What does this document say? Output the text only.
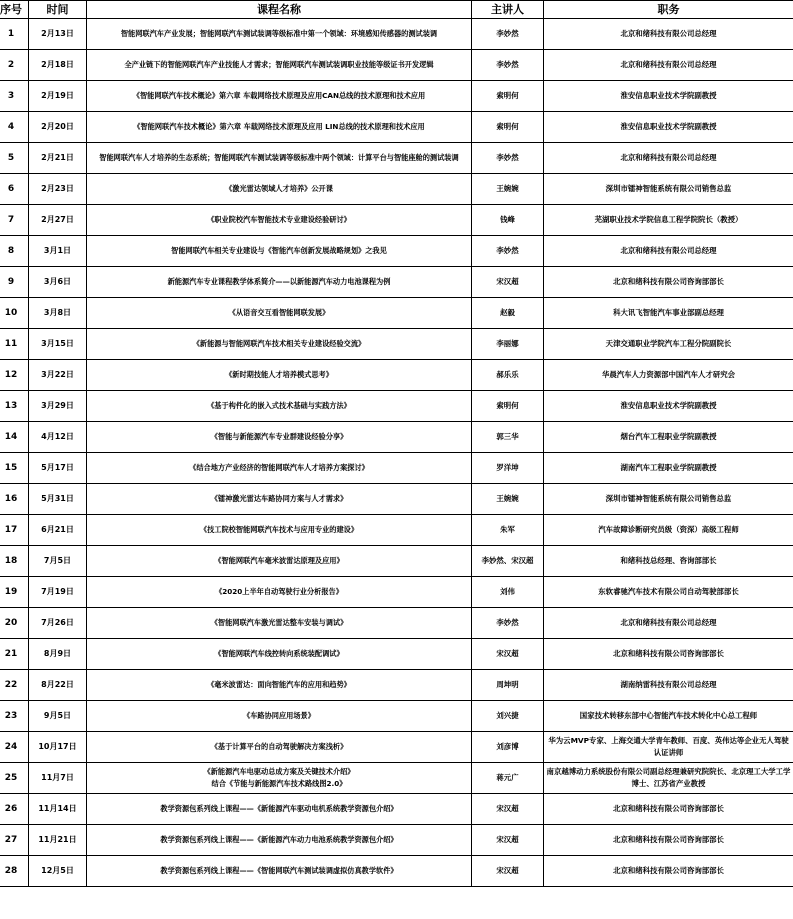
序号	时间	课程名称	主讲人	职务
1	2月13日	智能网联汽车产业发展；智能网联汽车测试装调等级标准中第一个领域：环境感知传感器的测试装调	李妙然	北京和绪科技有限公司总经理
2	2月18日	全产业链下的智能网联汽车产业技能人才需求；智能网联汽车测试装调职业技能等级证书开发逻辑	李妙然	北京和绪科技有限公司总经理
3	2月19日	《智能网联汽车技术概论》第六章 车载网络技术原理及应用CAN总线的技术原理和技术应用	索明何	淮安信息职业技术学院副教授
4	2月20日	《智能网联汽车技术概论》第六章 车载网络技术原理及应用 LIN总线的技术原理和技术应用	索明何	淮安信息职业技术学院副教授
5	2月21日	智能网联汽车人才培养的生态系统；智能网联汽车测试装调等级标准中两个领域：计算平台与智能座舱的测试装调	李妙然	北京和绪科技有限公司总经理
6	2月23日	《激光雷达领域人才培养》公开课	王婉婉	深圳市镭神智能系统有限公司销售总监
7	2月27日	《职业院校汽车智能技术专业建设经验研讨》	钱峰	芜湖职业技术学院信息工程学院院长（教授）
8	3月1日	智能网联汽车相关专业建设与《智能汽车创新发展战略规划》之我见	李妙然	北京和绪科技有限公司总经理
9	3月6日	新能源汽车专业课程教学体系简介——以新能源汽车动力电池课程为例	宋汉超	北京和绪科技有限公司咨询部部长
10	3月8日	《从语音交互看智能网联发展》	赵毅	科大讯飞智能汽车事业部副总经理
11	3月15日	《新能源与智能网联汽车技术相关专业建设经验交流》	李丽娜	天津交通职业学院汽车工程分院副院长
12	3月22日	《新时期技能人才培养模式思考》	郝乐乐	华晨汽车人力资源部中国汽车人才研究会
13	3月29日	《基于构件化的嵌入式技术基础与实践方法》	索明何	淮安信息职业技术学院副教授
14	4月12日	《智能与新能源汽车专业群建设经验分享》	郭三华	烟台汽车工程职业学院副教授
15	5月17日	《结合地方产业经济的智能网联汽车人才培养方案探讨》	罗洋坤	湖南汽车工程职业学院副教授
16	5月31日	《镭神激光雷达车路协同方案与人才需求》	王婉婉	深圳市镭神智能系统有限公司销售总监
17	6月21日	《技工院校智能网联汽车技术与应用专业的建设》	朱军	汽车故障诊断研究员级（资深）高级工程师
18	7月5日	《智能网联汽车毫米波雷达原理及应用》	李妙然、宋汉超	和绪科技总经理、咨询部部长
19	7月19日	《2020上半年自动驾驶行业分析报告》	刘伟	东软睿驰汽车技术有限公司自动驾驶部部长
20	7月26日	《智能网联汽车激光雷达整车安装与调试》	李妙然	北京和绪科技有限公司总经理
21	8月9日	《智能网联汽车线控转向系统装配调试》	宋汉超	北京和绪科技有限公司咨询部部长
22	8月22日	《毫米波雷达：面向智能汽车的应用和趋势》	周坤明	湖南纳雷科技有限公司总经理
23	9月5日	《车路协同应用场景》	刘兴捷	国家技术转移东部中心智能汽车技术转化中心总工程师
24	10月17日	《基于计算平台的自动驾驶解决方案浅析》	刘彦博	华为云MVP专家、上海交通大学青年教师、百度、英伟达等企业无人驾驶认证讲师
25	11月7日	《新能源汽车电驱动总成方案及关键技术介绍》
结合《节能与新能源汽车技术路线图2.0》	蒋元广	南京越博动力系统股份有限公司副总经理兼研究院院长、北京理工大学工学博士、江苏省产业教授
26	11月14日	教学资源包系列线上课程——《新能源汽车驱动电机系统教学资源包介绍》	宋汉超	北京和绪科技有限公司咨询部部长
27	11月21日	教学资源包系列线上课程——《新能源汽车动力电池系统教学资源包介绍》	宋汉超	北京和绪科技有限公司咨询部部长
28	12月5日	教学资源包系列线上课程——《智能网联汽车测试装调虚拟仿真教学软件》	宋汉超	北京和绪科技有限公司咨询部部长
